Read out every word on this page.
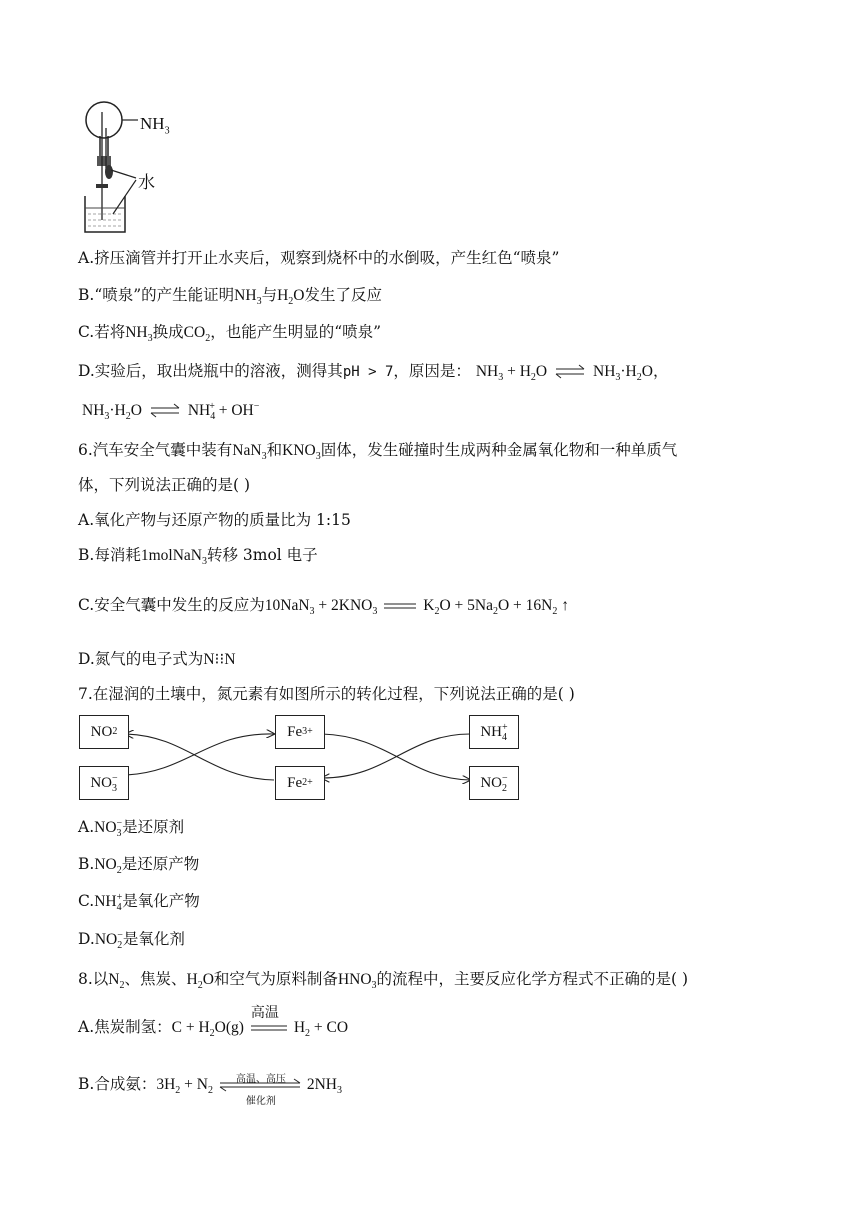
$NH_3$
水
A.挤压滴管并打开止水夹后，观察到烧杯中的水倒吸，产生红色“喷泉”
B.“喷泉”的产生能证明$NH_3$与$H_2O$发生了反应
C.若将$NH_3$换成$CO_2$，也能产生明显的“喷泉”
D.实验后，取出烧瓶中的溶液，测得其pH > 7，原因是： $NH_3 + H_2O$	$NH_3\cdot H_2O$，
$NH_3\cdot H_2O$	$NH_4^+ + OH^-$
6.汽车安全气囊中装有NaN$_3$和$KNO_3$固体，发生碰撞时生成两种金属氧化物和一种单质气
体，下列说法正确的是( )
A.氧化产物与还原产物的质量比为 1:15
B.每消耗1molNaN$_3$转移 3mol 电子
C.安全气囊中发生的反应为$10NaN_3 + 2KNO_3$	$K_2O + 5Na_2O + 16N_2$ ↑
D.氮气的电子式为N⁝⁝N
7.在湿润的土壤中，氮元素有如图所示的转化过程，下列说法正确的是( )
NO 2
$NO_3^-$
Fe 3+
Fe 2+
$NH_4^+$
$NO_2^-$
$A.NO_3^-$是还原剂
$B.NO_2$是还原产物
$C.NH_4^+$是氧化产物
$D.NO_2^-$是氧化剂
8.以$N_2$、焦炭、$H_2O$和空气为原料制备$HNO_3$的流程中，主要反应化学方程式不正确的是( )
A.焦炭制氢：$C + H_2O(g)$
高温
$H_2$ + CO
B.合成氨：$3H_2 + N_2$
高温、高压
催化剂
$2NH_3$
